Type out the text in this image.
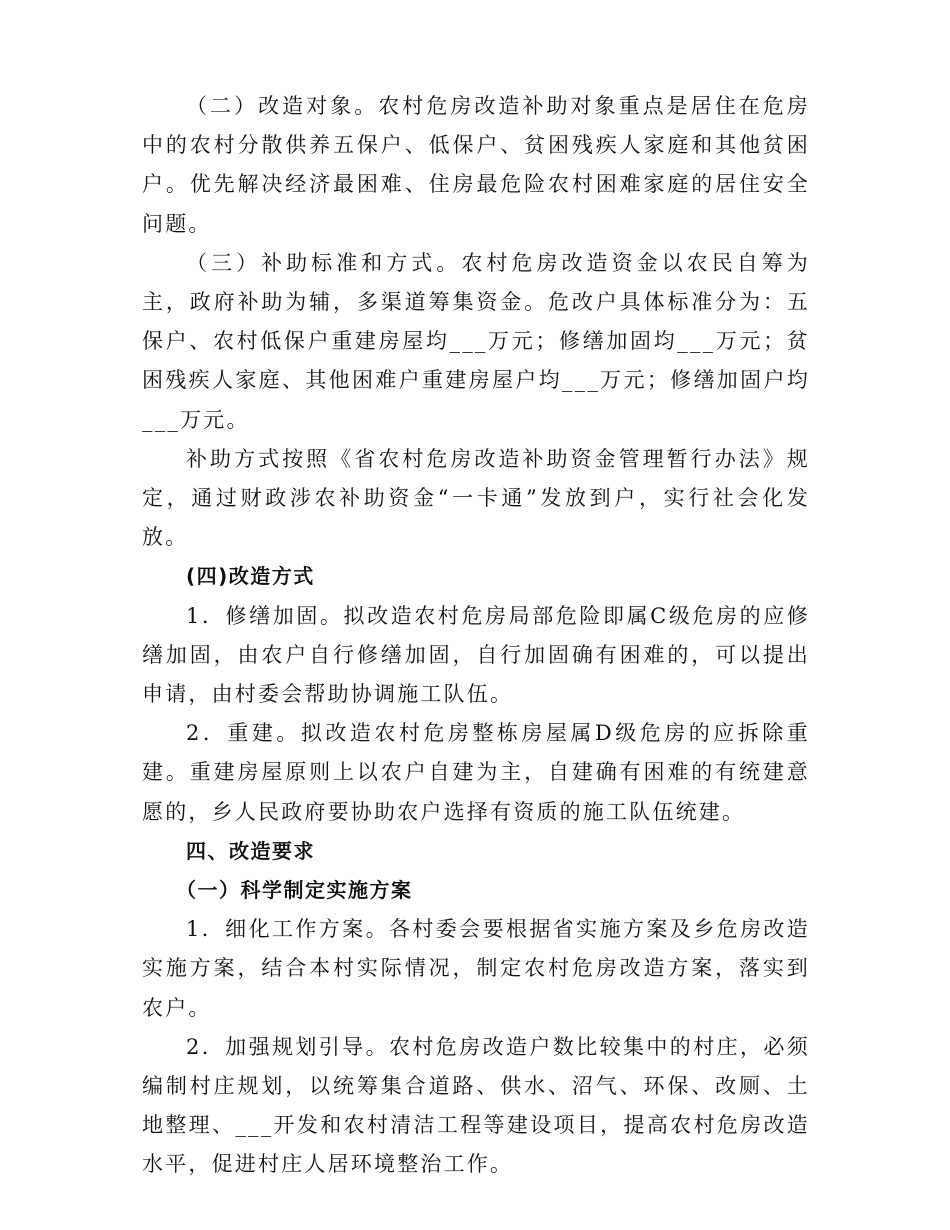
（二）改造对象。农村危房改造补助对象重点是居住在危房中的农村分散供养五保户、低保户、贫困残疾人家庭和其他贫困户。优先解决经济最困难、住房最危险农村困难家庭的居住安全问题。

（三）补助标准和方式。农村危房改造资金以农民自筹为主，政府补助为辅，多渠道筹集资金。危改户具体标准分为：五保户、农村低保户重建房屋均___万元；修缮加固均___万元；贫困残疾人家庭、其他困难户重建房屋户均___万元；修缮加固户均___万元。

补助方式按照《省农村危房改造补助资金管理暂行办法》规定，通过财政涉农补助资金“一卡通”发放到户，实行社会化发放。

(四)改造方式

1．修缮加固。拟改造农村危房局部危险即属C级危房的应修缮加固，由农户自行修缮加固，自行加固确有困难的，可以提出申请，由村委会帮助协调施工队伍。

2．重建。拟改造农村危房整栋房屋属D级危房的应拆除重建。重建房屋原则上以农户自建为主，自建确有困难的有统建意愿的，乡人民政府要协助农户选择有资质的施工队伍统建。

四、改造要求

（一）科学制定实施方案

1．细化工作方案。各村委会要根据省实施方案及乡危房改造实施方案，结合本村实际情况，制定农村危房改造方案，落实到农户。

2．加强规划引导。农村危房改造户数比较集中的村庄，必须编制村庄规划，以统筹集合道路、供水、沼气、环保、改厕、土地整理、___开发和农村清洁工程等建设项目，提高农村危房改造水平，促进村庄人居环境整治工作。
